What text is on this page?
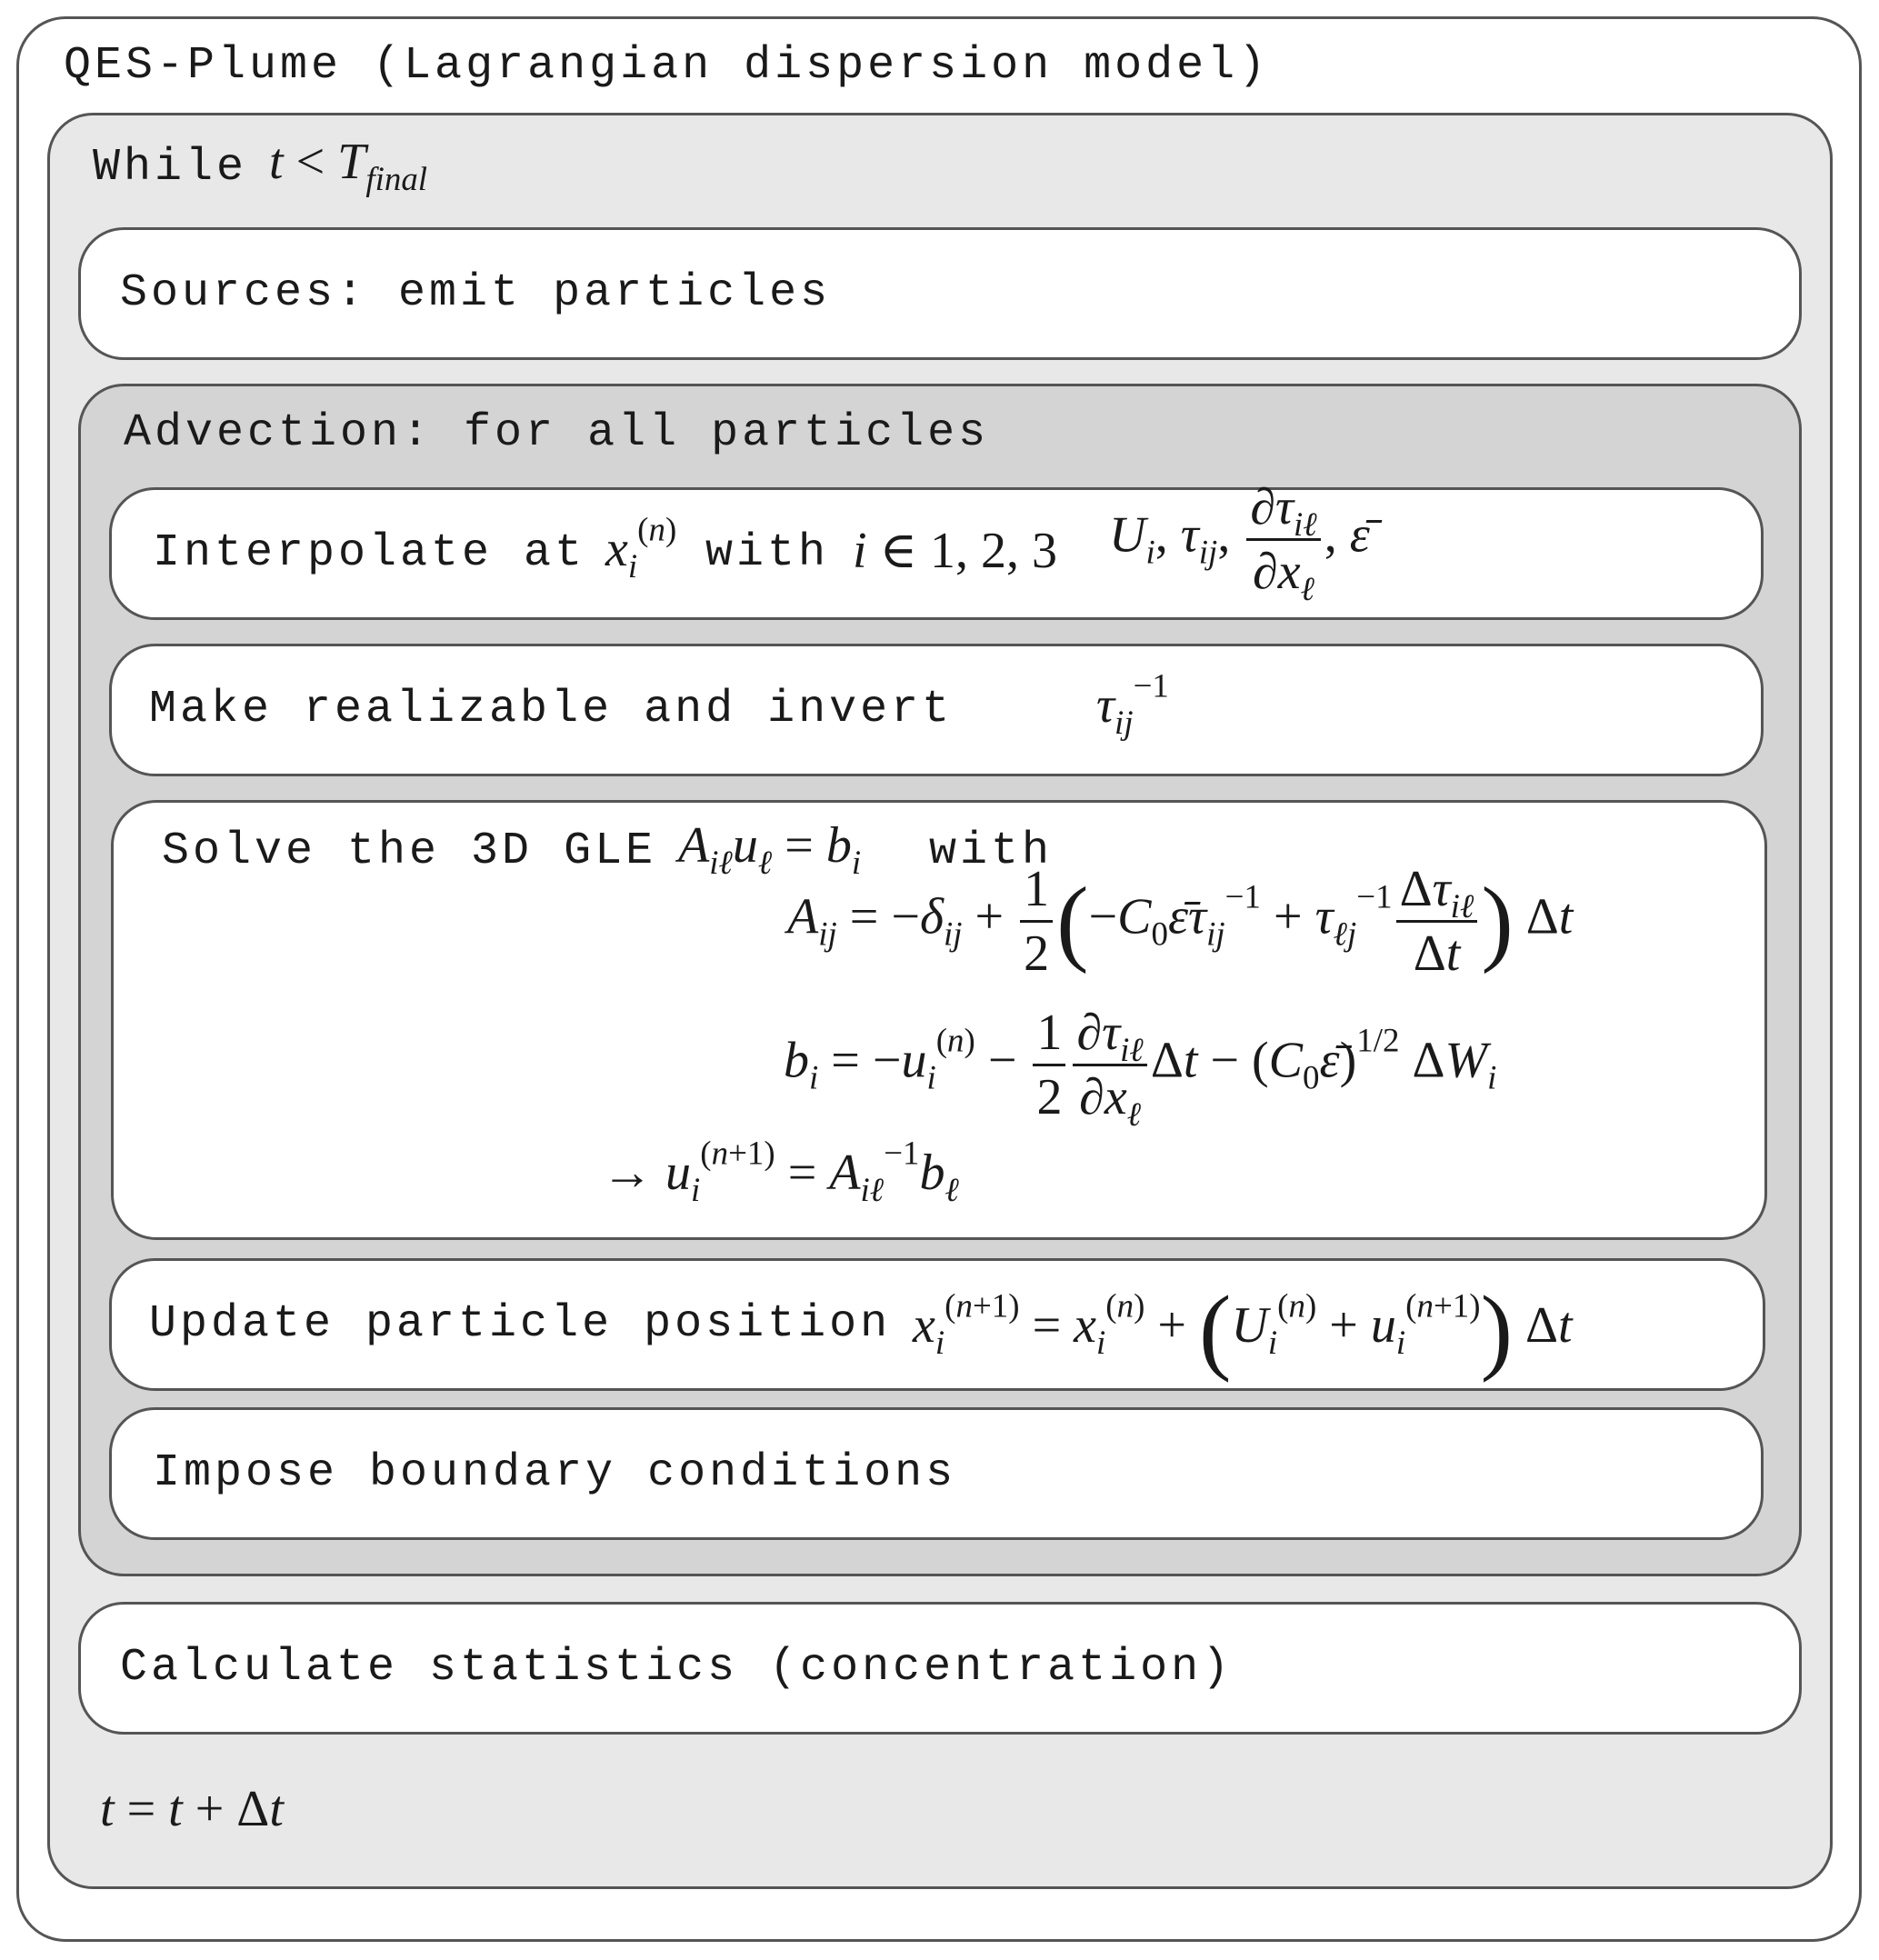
QES-Plume (Lagrangian dispersion model)
While $t < T_{final}$
Sources: emit particles
Advection: for all particles
Interpolate at $x_i^{(n)}$ with i ∈ 1, 2, 3 $U_i$, $\tau_{ij}$, $\frac{\partial\tau_{i\ell}}{\partial x_\ell}$ , ε̄
Make realizable and invert	$\tau_{ij}^{-1}$
Solve the 3D GLE $A_{i\ell}u_\ell = b_i$ with
$A_{ij} = -\delta_{ij} + \frac{1}{2}$ ($-C_0\varepsilon̄\tau_{ij}^{-1} + \tau_{\ell j}^{-1} \frac{\Delta\tau_{i\ell}}{\Delta t}$ ) Δt
$b_i = -u_i^{(n)} - \frac{1}{2} \frac{\partial\tau_{i\ell}}{\partial x_\ell}$ $\Delta t - (C_0\varepsilon̄)^{1/2}$ $\Delta W_i$
→ $u_i^{(n+1)} = A_{i\ell}^{-1}b_\ell$
Update particle position $x_i^{(n+1)} = x_i^{(n)} + (U_i^{(n)} + u_i^{(n+1)})$ Δt
Impose boundary conditions
Calculate statistics (concentration)
t = t + Δt
